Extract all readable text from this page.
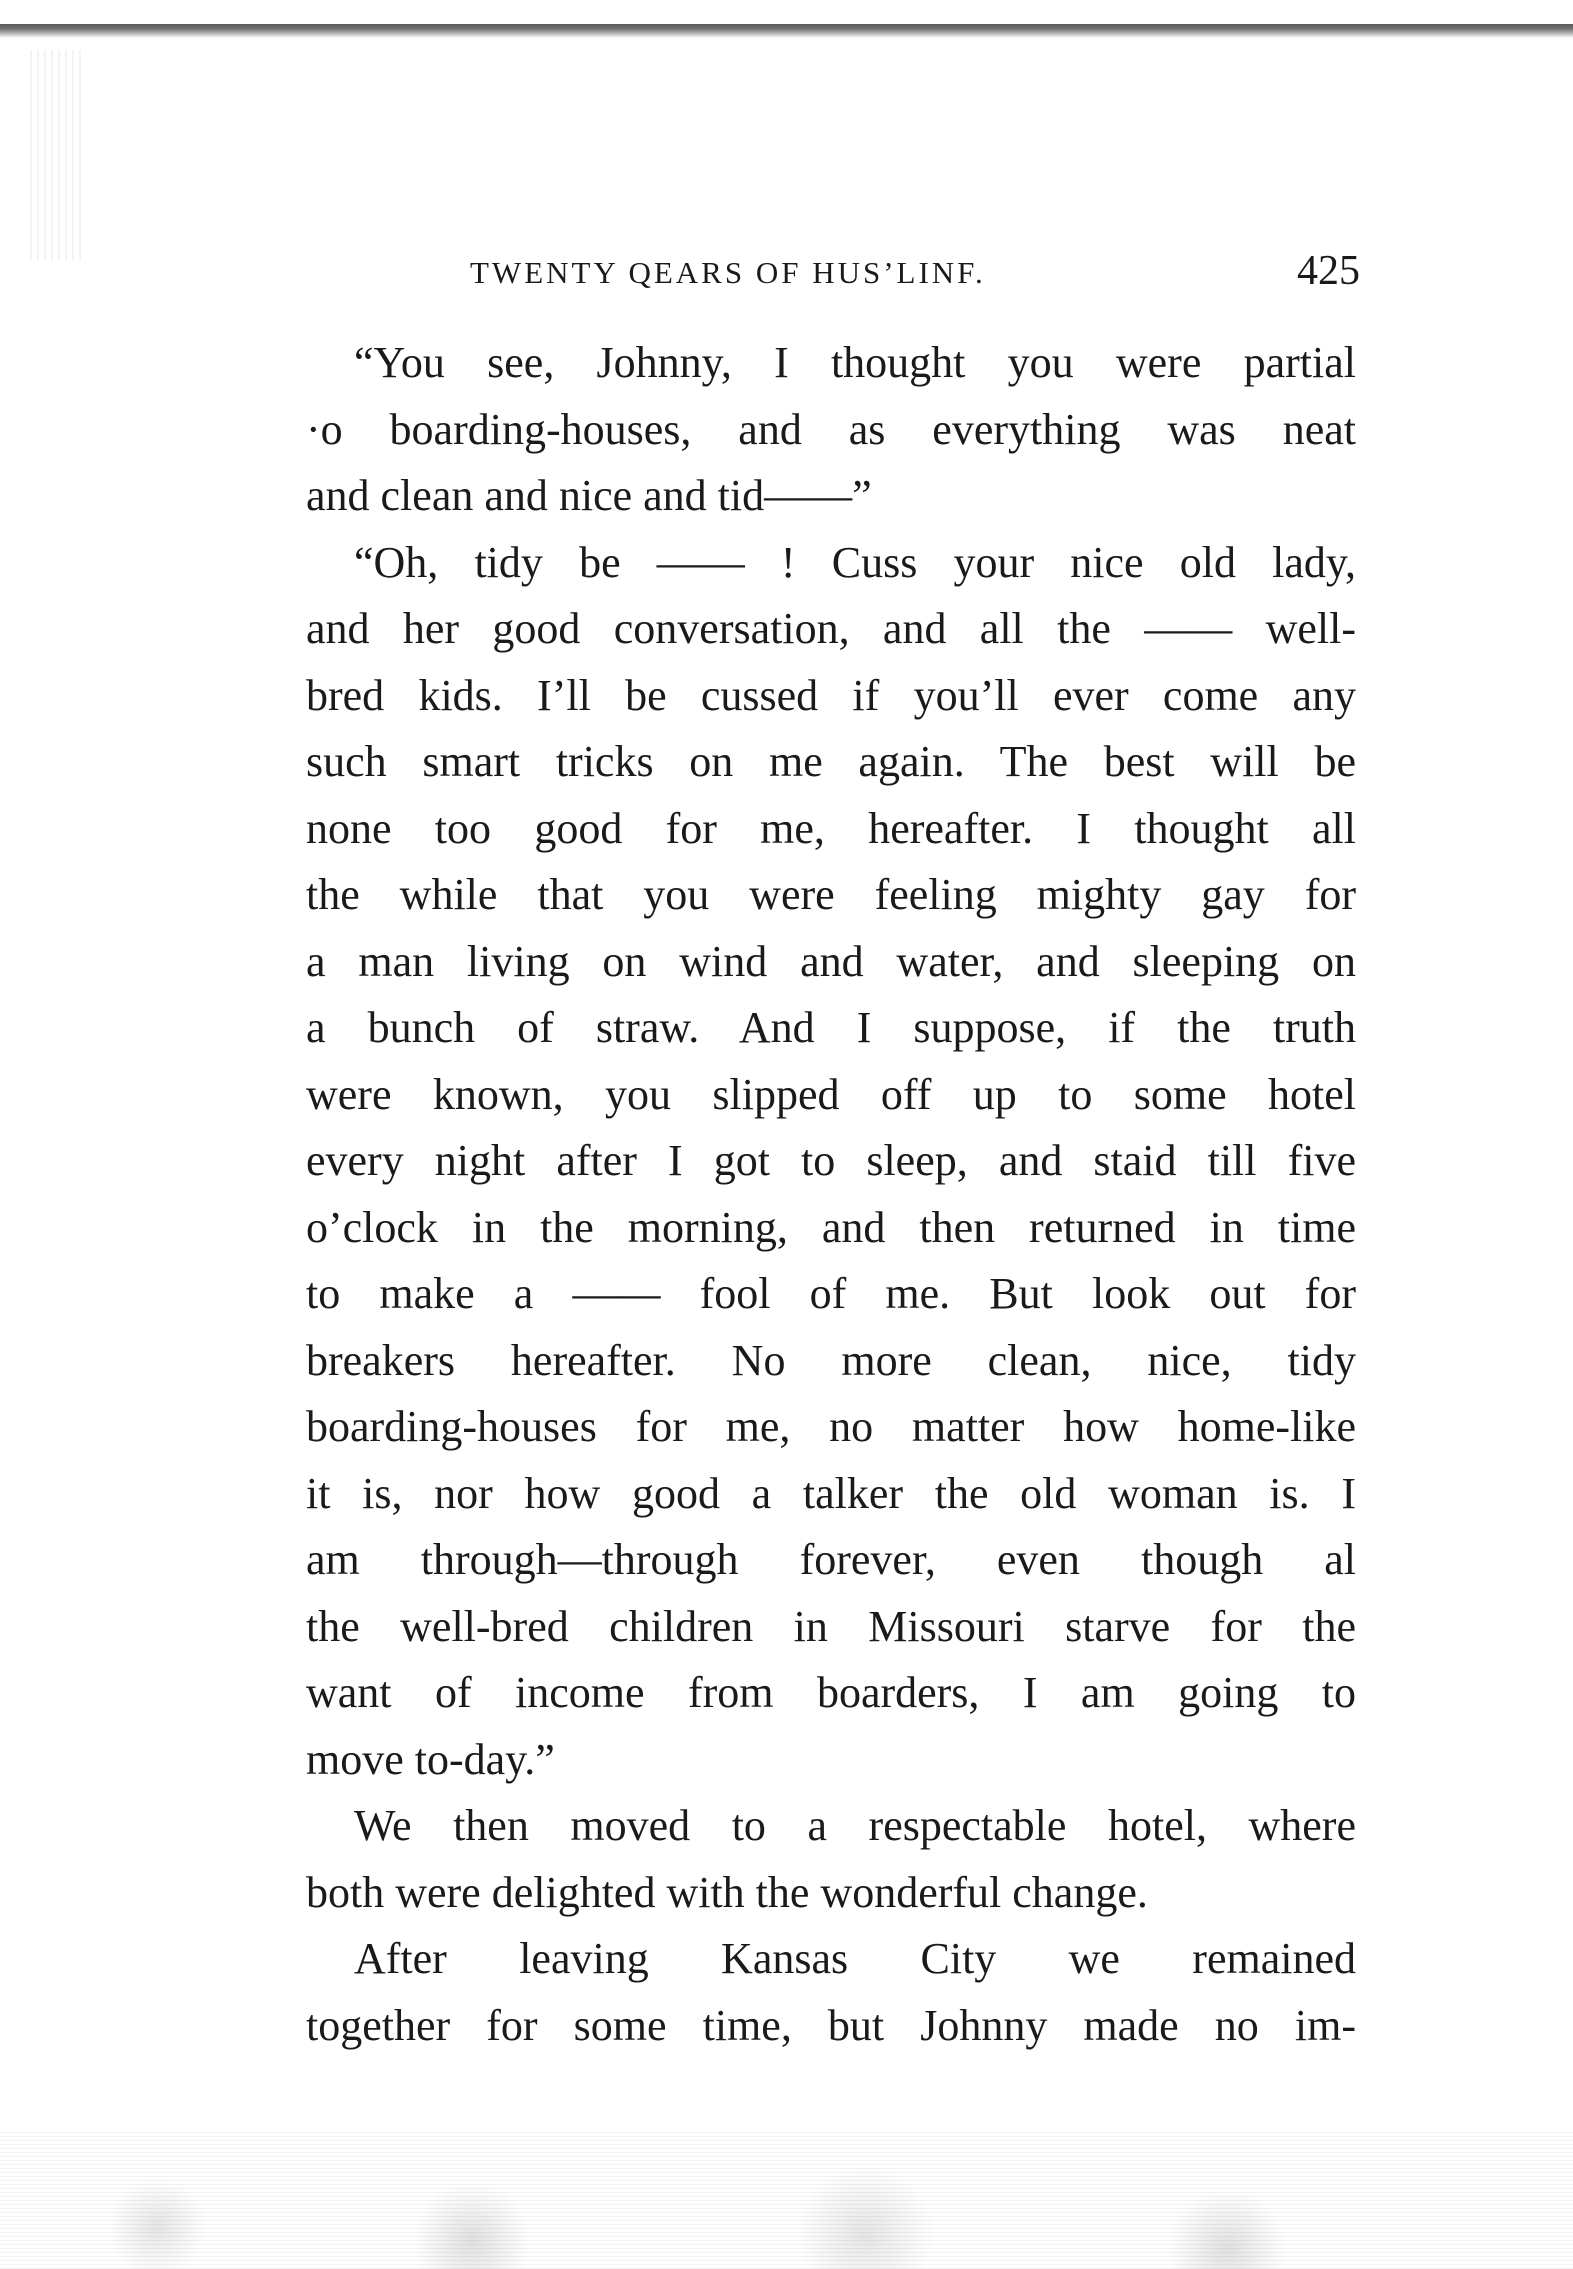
TWENTY QEARS OF HUS’LINF.	425
“You see, Johnny, I thought you were partial
·o boarding-houses, and as everything was neat
and clean and nice and tid——”
“Oh, tidy be —— ! Cuss your nice old lady,
and her good conversation, and all the —— well-
bred kids. I’ll be cussed if you’ll ever come any
such smart tricks on me again. The best will be
none too good for me, hereafter. I thought all
the while that you were feeling mighty gay for
a man living on wind and water, and sleeping on
a bunch of straw. And I suppose, if the truth
were known, you slipped off up to some hotel
every night after I got to sleep, and staid till five
o’clock in the morning, and then returned in time
to make a —— fool of me. But look out for
breakers hereafter. No more clean, nice, tidy
boarding-houses for me, no matter how home-like
it is, nor how good a talker the old woman is. I
am through—through forever, even though al
the well-bred children in Missouri starve for the
want of income from boarders, I am going to
move to-day.”
We then moved to a respectable hotel, where
both were delighted with the wonderful change.
After leaving Kansas City we remained
together for some time, but Johnny made no im-
